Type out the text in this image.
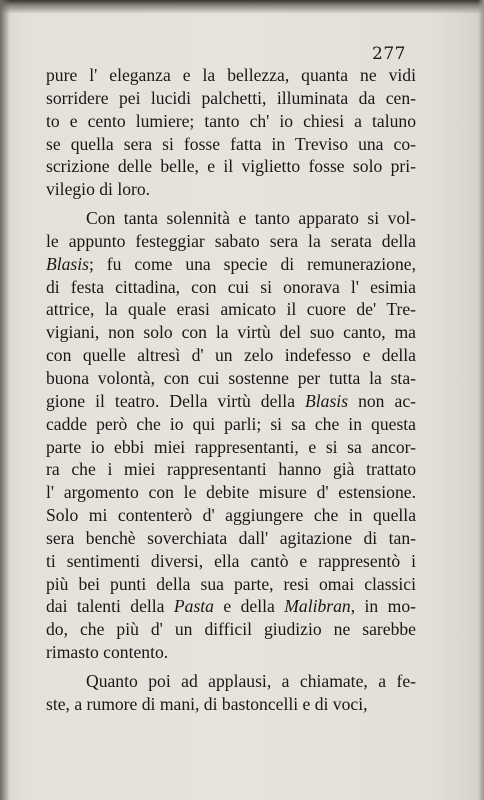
277
pure l' eleganza e la bellezza, quanta ne vidi
sorridere pei lucidi palchetti, illuminata da cen-
to e cento lumiere; tanto ch' io chiesi a taluno
se quella sera si fosse fatta in Treviso una co-
scrizione delle belle, e il viglietto fosse solo pri-
vilegio di loro.
Con tanta solennità e tanto apparato si vol-
le appunto festeggiar sabato sera la serata della
Blasis; fu come una specie di remunerazione,
di festa cittadina, con cui si onorava l' esimia
attrice, la quale erasi amicato il cuore de' Tre-
vigiani, non solo con la virtù del suo canto, ma
con quelle altresì d' un zelo indefesso e della
buona volontà, con cui sostenne per tutta la sta-
gione il teatro. Della virtù della Blasis non ac-
cadde però che io qui parli; si sa che in questa
parte io ebbi miei rappresentanti, e si sa ancor-
ra che i miei rappresentanti hanno già trattato
l' argomento con le debite misure d' estensione.
Solo mi contenterò d' aggiungere che in quella
sera benchè soverchiata dall' agitazione di tan-
ti sentimenti diversi, ella cantò e rappresentò i
più bei punti della sua parte, resi omai classici
dai talenti della Pasta e della Malibran, in mo-
do, che più d' un difficil giudizio ne sarebbe
rimasto contento.
Quanto poi ad applausi, a chiamate, a fe-
ste, a rumore di mani, di bastoncelli e di voci,
